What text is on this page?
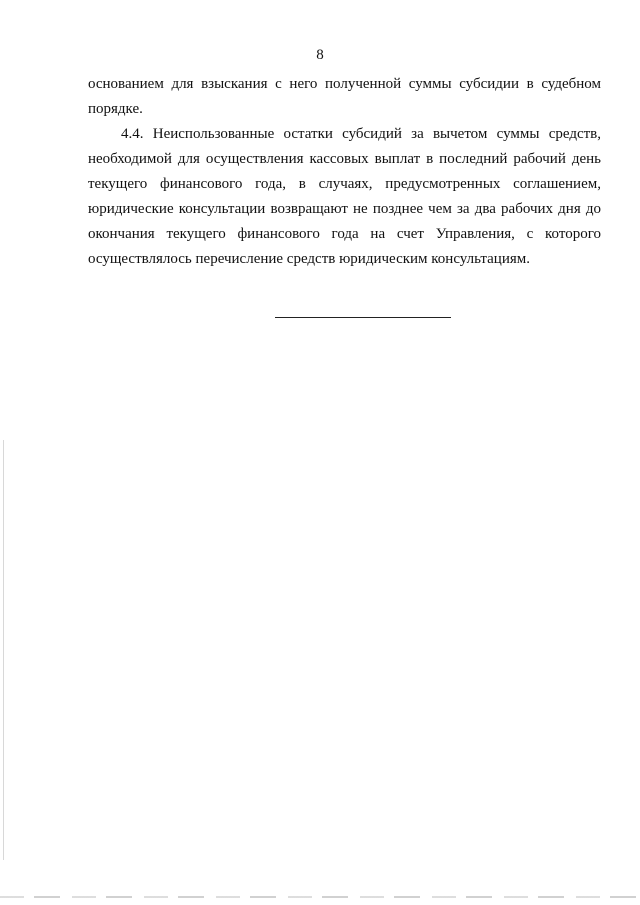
8
основанием для взыскания с него полученной суммы субсидии в судебном
порядке.
4.4. Неиспользованные остатки субсидий за вычетом суммы средств,
необходимой для осуществления кассовых выплат в последний рабочий день
текущего финансового года, в случаях, предусмотренных соглашением,
юридические консультации возвращают не позднее чем за два рабочих дня до
окончания текущего финансового года на счет Управления, с которого
осуществлялось перечисление средств юридическим консультациям.
